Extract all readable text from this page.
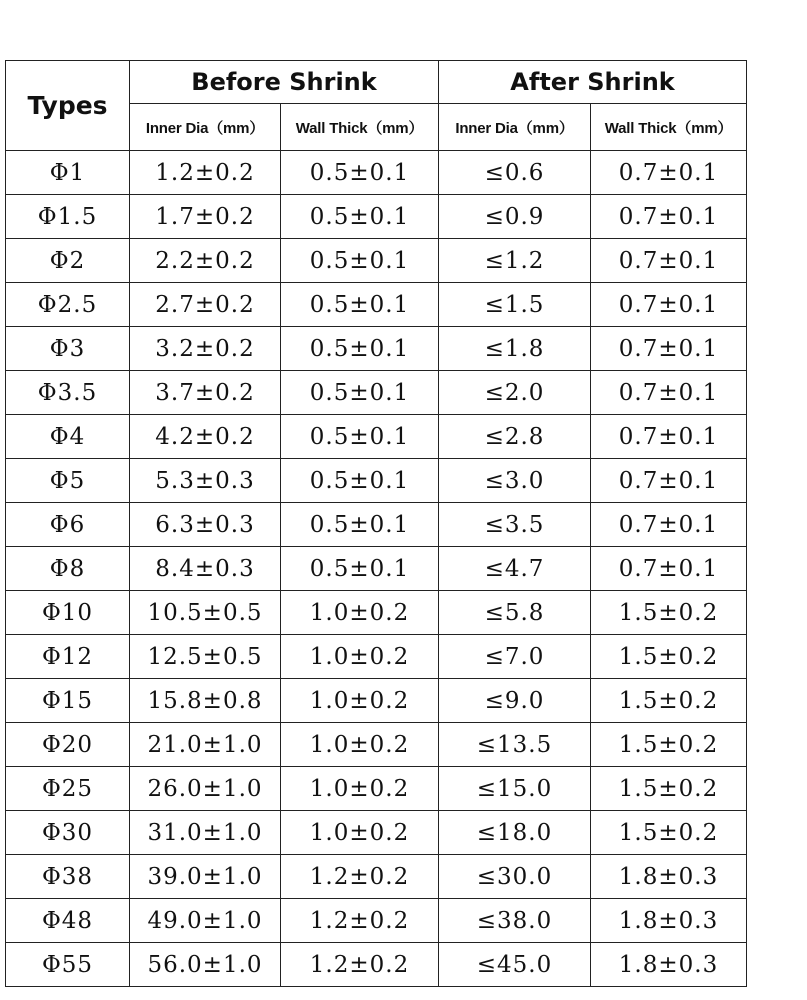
Types	Before Shrink		After Shrink	
	Inner Dia（mm）	Wall Thick（mm）	Inner Dia（mm）	Wall Thick（mm）
Φ1	1.2±0.2	0.5±0.1	≤0.6	0.7±0.1
Φ1.5	1.7±0.2	0.5±0.1	≤0.9	0.7±0.1
Φ2	2.2±0.2	0.5±0.1	≤1.2	0.7±0.1
Φ2.5	2.7±0.2	0.5±0.1	≤1.5	0.7±0.1
Φ3	3.2±0.2	0.5±0.1	≤1.8	0.7±0.1
Φ3.5	3.7±0.2	0.5±0.1	≤2.0	0.7±0.1
Φ4	4.2±0.2	0.5±0.1	≤2.8	0.7±0.1
Φ5	5.3±0.3	0.5±0.1	≤3.0	0.7±0.1
Φ6	6.3±0.3	0.5±0.1	≤3.5	0.7±0.1
Φ8	8.4±0.3	0.5±0.1	≤4.7	0.7±0.1
Φ10	10.5±0.5	1.0±0.2	≤5.8	1.5±0.2
Φ12	12.5±0.5	1.0±0.2	≤7.0	1.5±0.2
Φ15	15.8±0.8	1.0±0.2	≤9.0	1.5±0.2
Φ20	21.0±1.0	1.0±0.2	≤13.5	1.5±0.2
Φ25	26.0±1.0	1.0±0.2	≤15.0	1.5±0.2
Φ30	31.0±1.0	1.0±0.2	≤18.0	1.5±0.2
Φ38	39.0±1.0	1.2±0.2	≤30.0	1.8±0.3
Φ48	49.0±1.0	1.2±0.2	≤38.0	1.8±0.3
Φ55	56.0±1.0	1.2±0.2	≤45.0	1.8±0.3
